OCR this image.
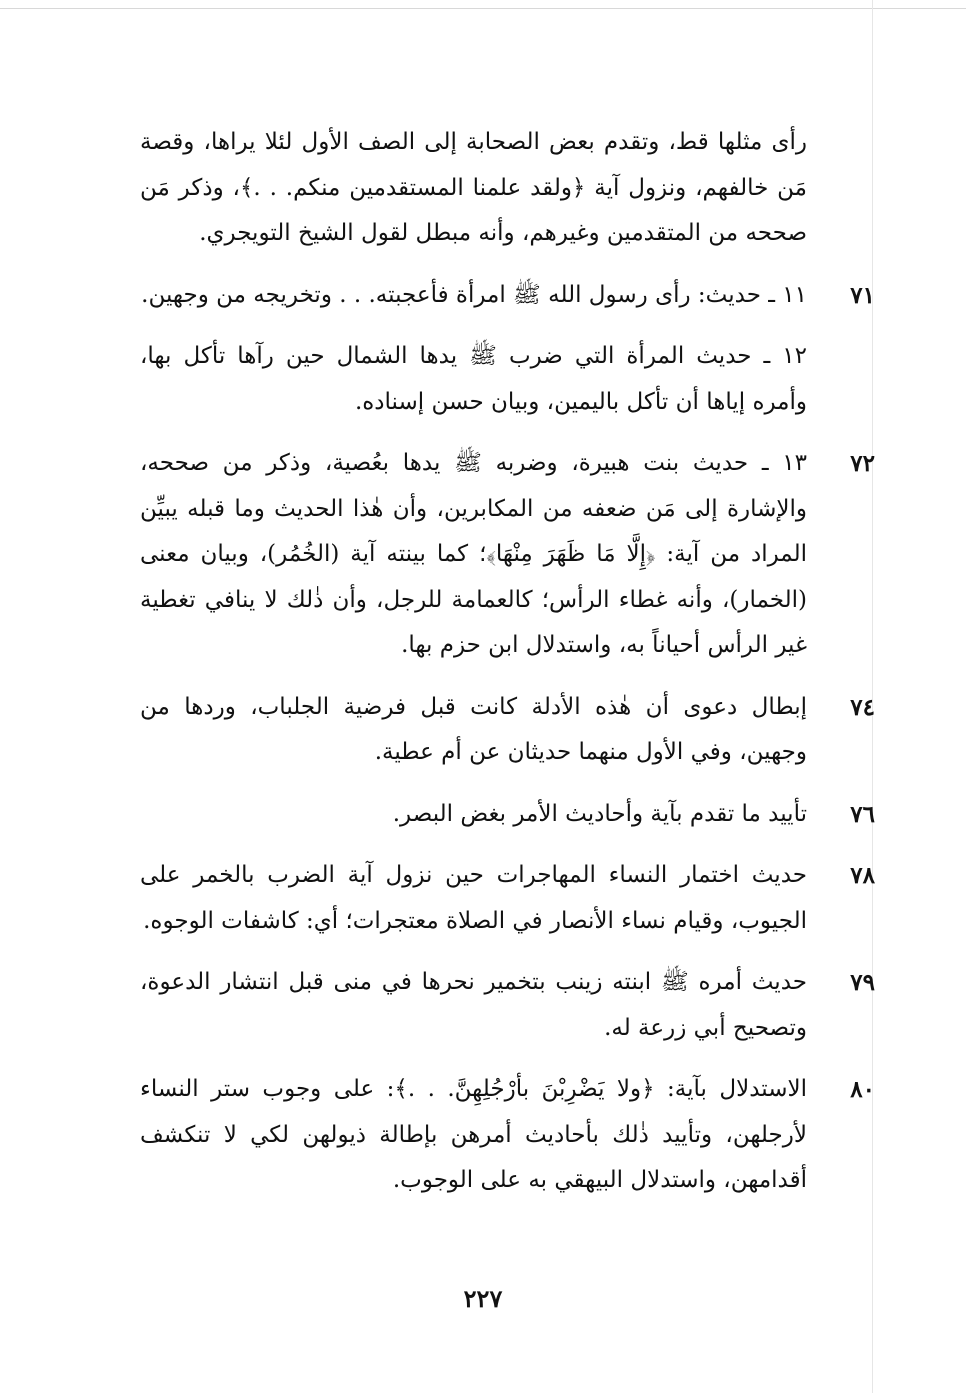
رأى مثلها قط، وتقدم بعض الصحابة إلى الصف الأول لئلا يراها، وقصة مَن خالفهم، ونزول آية ﴿ولقد علمنا المستقدمين منكم. . .﴾، وذكر مَن صححه من المتقدمين وغيرهم، وأنه مبطل لقول الشيخ التويجري.

٧١
١١ ـ حديث: رأى رسول الله ﷺ امرأة فأعجبته. . . وتخريجه من وجهين.

١٢ ـ حديث المرأة التي ضرب ﷺ يدها الشمال حين رآها تأكل بها، وأمره إياها أن تأكل باليمين، وبيان حسن إسناده.

٧٢
١٣ ـ حديث بنت هبيرة، وضربه ﷺ يدها بعُصية، وذكر من صححه، والإشارة إلى مَن ضعفه من المكابرين، وأن هٰذا الحديث وما قبله يبيِّن المراد من آية: ﴿إِلَّا مَا ظَهَرَ مِنْهَا﴾؛ كما بينته آية (الخُمُر)، وبيان معنى (الخمار)، وأنه غطاء الرأس؛ كالعمامة للرجل، وأن ذٰلك لا ينافي تغطية غير الرأس أحياناً به، واستدلال ابن حزم بها.
٧٤
إبطال دعوى أن هٰذه الأدلة كانت قبل فرضية الجلباب، وردها من وجهين، وفي الأول منهما حديثان عن أم عطية.
٧٦
تأييد ما تقدم بآية وأحاديث الأمر بغض البصر.
٧٨
حديث اختمار النساء المهاجرات حين نزول آية الضرب بالخمر على الجيوب، وقيام نساء الأنصار في الصلاة معتجرات؛ أي: كاشفات الوجوه.
٧٩
حديث أمره ﷺ ابنته زينب بتخمير نحرها في منى قبل انتشار الدعوة، وتصحيح أبي زرعة له.
٨٠
الاستدلال بآية: ﴿ولا يَضْرِبْنَ بأرْجُلِهِنَّ. . .﴾: على وجوب ستر النساء لأرجلهن، وتأييد ذٰلك بأحاديث أمرهن بإطالة ذيولهن لكي لا تنكشف أقدامهن، واستدلال البيهقي به على الوجوب.
٢٢٧
